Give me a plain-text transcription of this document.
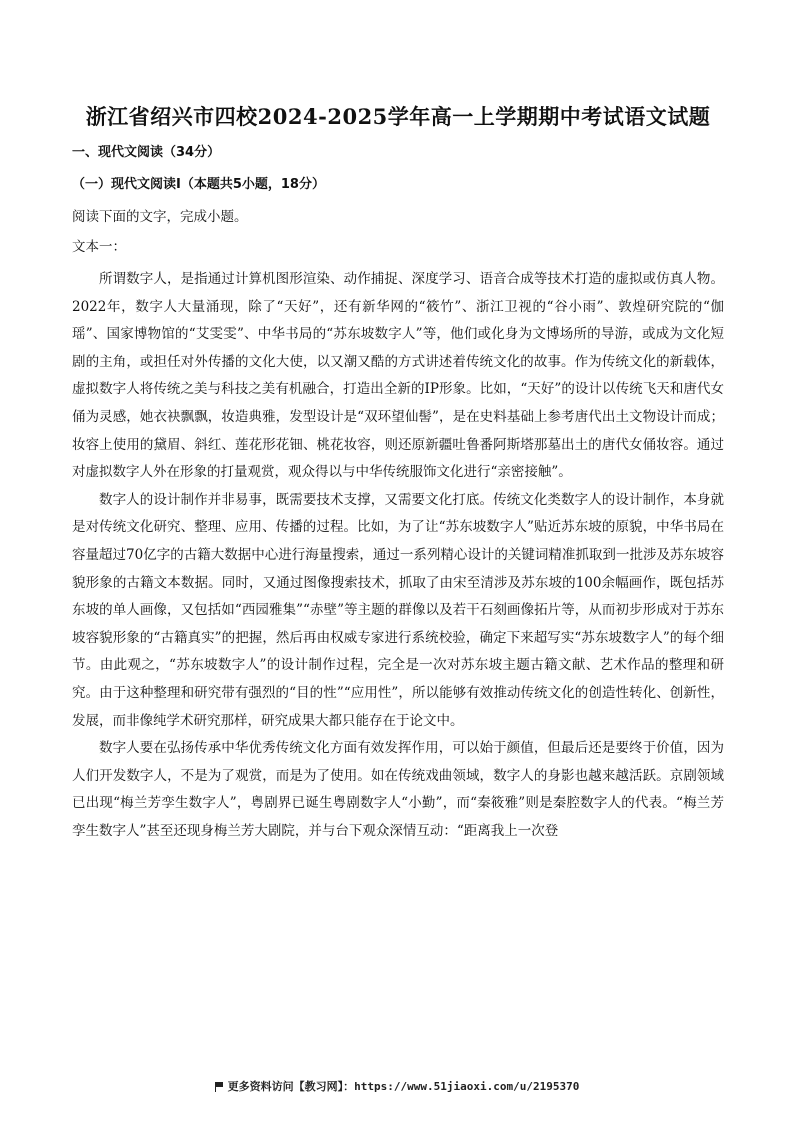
浙江省绍兴市四校2024-2025学年高一上学期期中考试语文试题
一、现代文阅读（34分）
（一）现代文阅读Ⅰ（本题共5小题，18分）

阅读下面的文字，完成小题。

文本一：

所谓数字人，是指通过计算机图形渲染、动作捕捉、深度学习、语音合成等技术打造的虚拟或仿真人物。2022年，数字人大量涌现，除了“天好”，还有新华网的“筱竹”、浙江卫视的“谷小雨”、敦煌研究院的“伽瑶”、国家博物馆的“艾雯雯”、中华书局的“苏东坡数字人”等，他们或化身为文博场所的导游，或成为文化短剧的主角，或担任对外传播的文化大使，以又潮又酷的方式讲述着传统文化的故事。作为传统文化的新载体，虚拟数字人将传统之美与科技之美有机融合，打造出全新的IP形象。比如，“天好”的设计以传统飞天和唐代女俑为灵感，她衣袂飘飘，妆造典雅，发型设计是“双环望仙髻”，是在史料基础上参考唐代出土文物设计而成；妆容上使用的黛眉、斜红、莲花形花钿、桃花妆容，则还原新疆吐鲁番阿斯塔那墓出土的唐代女俑妆容。通过对虚拟数字人外在形象的打量观赏，观众得以与中华传统服饰文化进行“亲密接触”。

数字人的设计制作并非易事，既需要技术支撑，又需要文化打底。传统文化类数字人的设计制作，本身就是对传统文化研究、整理、应用、传播的过程。比如，为了让“苏东坡数字人”贴近苏东坡的原貌，中华书局在容量超过70亿字的古籍大数据中心进行海量搜索，通过一系列精心设计的关键词精准抓取到一批涉及苏东坡容貌形象的古籍文本数据。同时，又通过图像搜索技术，抓取了由宋至清涉及苏东坡的100余幅画作，既包括苏东坡的单人画像，又包括如“西园雅集”“赤壁”等主题的群像以及若干石刻画像拓片等，从而初步形成对于苏东坡容貌形象的“古籍真实”的把握，然后再由权威专家进行系统校验，确定下来超写实“苏东坡数字人”的每个细节。由此观之，“苏东坡数字人”的设计制作过程，完全是一次对苏东坡主题古籍文献、艺术作品的整理和研究。由于这种整理和研究带有强烈的“目的性”“应用性”，所以能够有效推动传统文化的创造性转化、创新性，发展，而非像纯学术研究那样，研究成果大都只能存在于论文中。

数字人要在弘扬传承中华优秀传统文化方面有效发挥作用，可以始于颜值，但最后还是要终于价值，因为人们开发数字人，不是为了观赏，而是为了使用。如在传统戏曲领域，数字人的身影也越来越活跃。京剧领域已出现“梅兰芳孪生数字人”，粤剧界已诞生粤剧数字人“小勤”，而“秦筱雅”则是秦腔数字人的代表。“梅兰芳孪生数字人”甚至还现身梅兰芳大剧院，并与台下观众深情互动：“距离我上一次登

更多资料访问【教习网】：https://www.51jiaoxi.com/u/2195370
